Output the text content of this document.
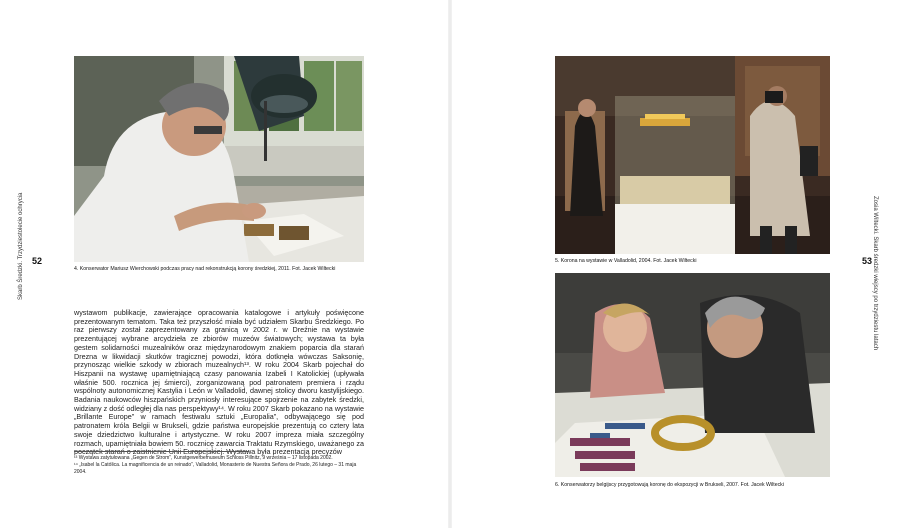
Skarb Średzki. Trzydziestolecie ochrycia 52
4. Konserwator Mariusz Wierchowski podczas pracy nad rekonstrukcją korony średzkiej, 2011. Fot. Jacek Wiltecki

wystawom publikacje, zawierające opracowania katalogowe i artykuły poświęcone prezentowanym tematom. Taka też przyszłość miała być udziałem Skarbu Średzkiego. Po raz pierwszy został zaprezentowany za granicą w 2002 r. w Dreźnie na wystawie prezentującej wybrane arcydzieła ze zbiorów muzeów światowych; wystawa ta była gestem solidarności muzealników oraz międzynarodowym znakiem poparcia dla starań Drezna w likwidacji skutków tragicznej powodzi, która dotknęła wówczas Saksonię, przynosząc wielkie szkody w zbiorach muzealnych¹³. W roku 2004 Skarb pojechał do Hiszpanii na wystawę upamiętniającą czasy panowania Izabeli I Katolickiej (upływała właśnie 500. rocznica jej śmierci), zorganizowaną pod patronatem premiera i rządu wspólnoty autonomicznej Kastylia i León w Valladolid, dawnej stolicy dworu kastylijskiego. Badania naukowców hiszpańskich przyniosły interesujące spojrzenie na zabytek średzki, widziany z dość odległej dla nas perspektywy¹⁴. W roku 2007 Skarb pokazano na wystawie „Brillante Europe” w ramach festiwalu sztuki „Europalia”, odbywającego się pod patronatem króla Belgii w Brukseli, gdzie państwa europejskie prezentują co cztery lata swoje dziedzictwo kulturalne i artystyczne. W roku 2007 impreza miała szczególny rozmach, upamiętniała bowiem 50. rocznicę zawarcia Traktatu Rzymskiego, uważanego za początek starań o zaistnienie Unii Europejskiej. Wystawa była prezentacją precyzów

¹³ Wystawa zatytułowana „Gegen de Strom”, Kunstgewerbemuseum Schloss Pillnitz, 9 września – 17 listopada 2002.
¹⁴ „Isabel la Católica. La magnificencia de un reinado”, Valladolid, Monasterio de Nuestra Señora de Prado, 26 lutego – 31 maja 2004.
Zosia Wiltecki. Skarb średzki wiejscy po trzydziestu latach
53
5. Korona na wystawie w Valladolid, 2004. Fot. Jacek Wiltecki
6. Konserwatorzy belgijscy przygotowują koronę do ekspozycji w Brukseli, 2007. Fot. Jacek Wiltecki
